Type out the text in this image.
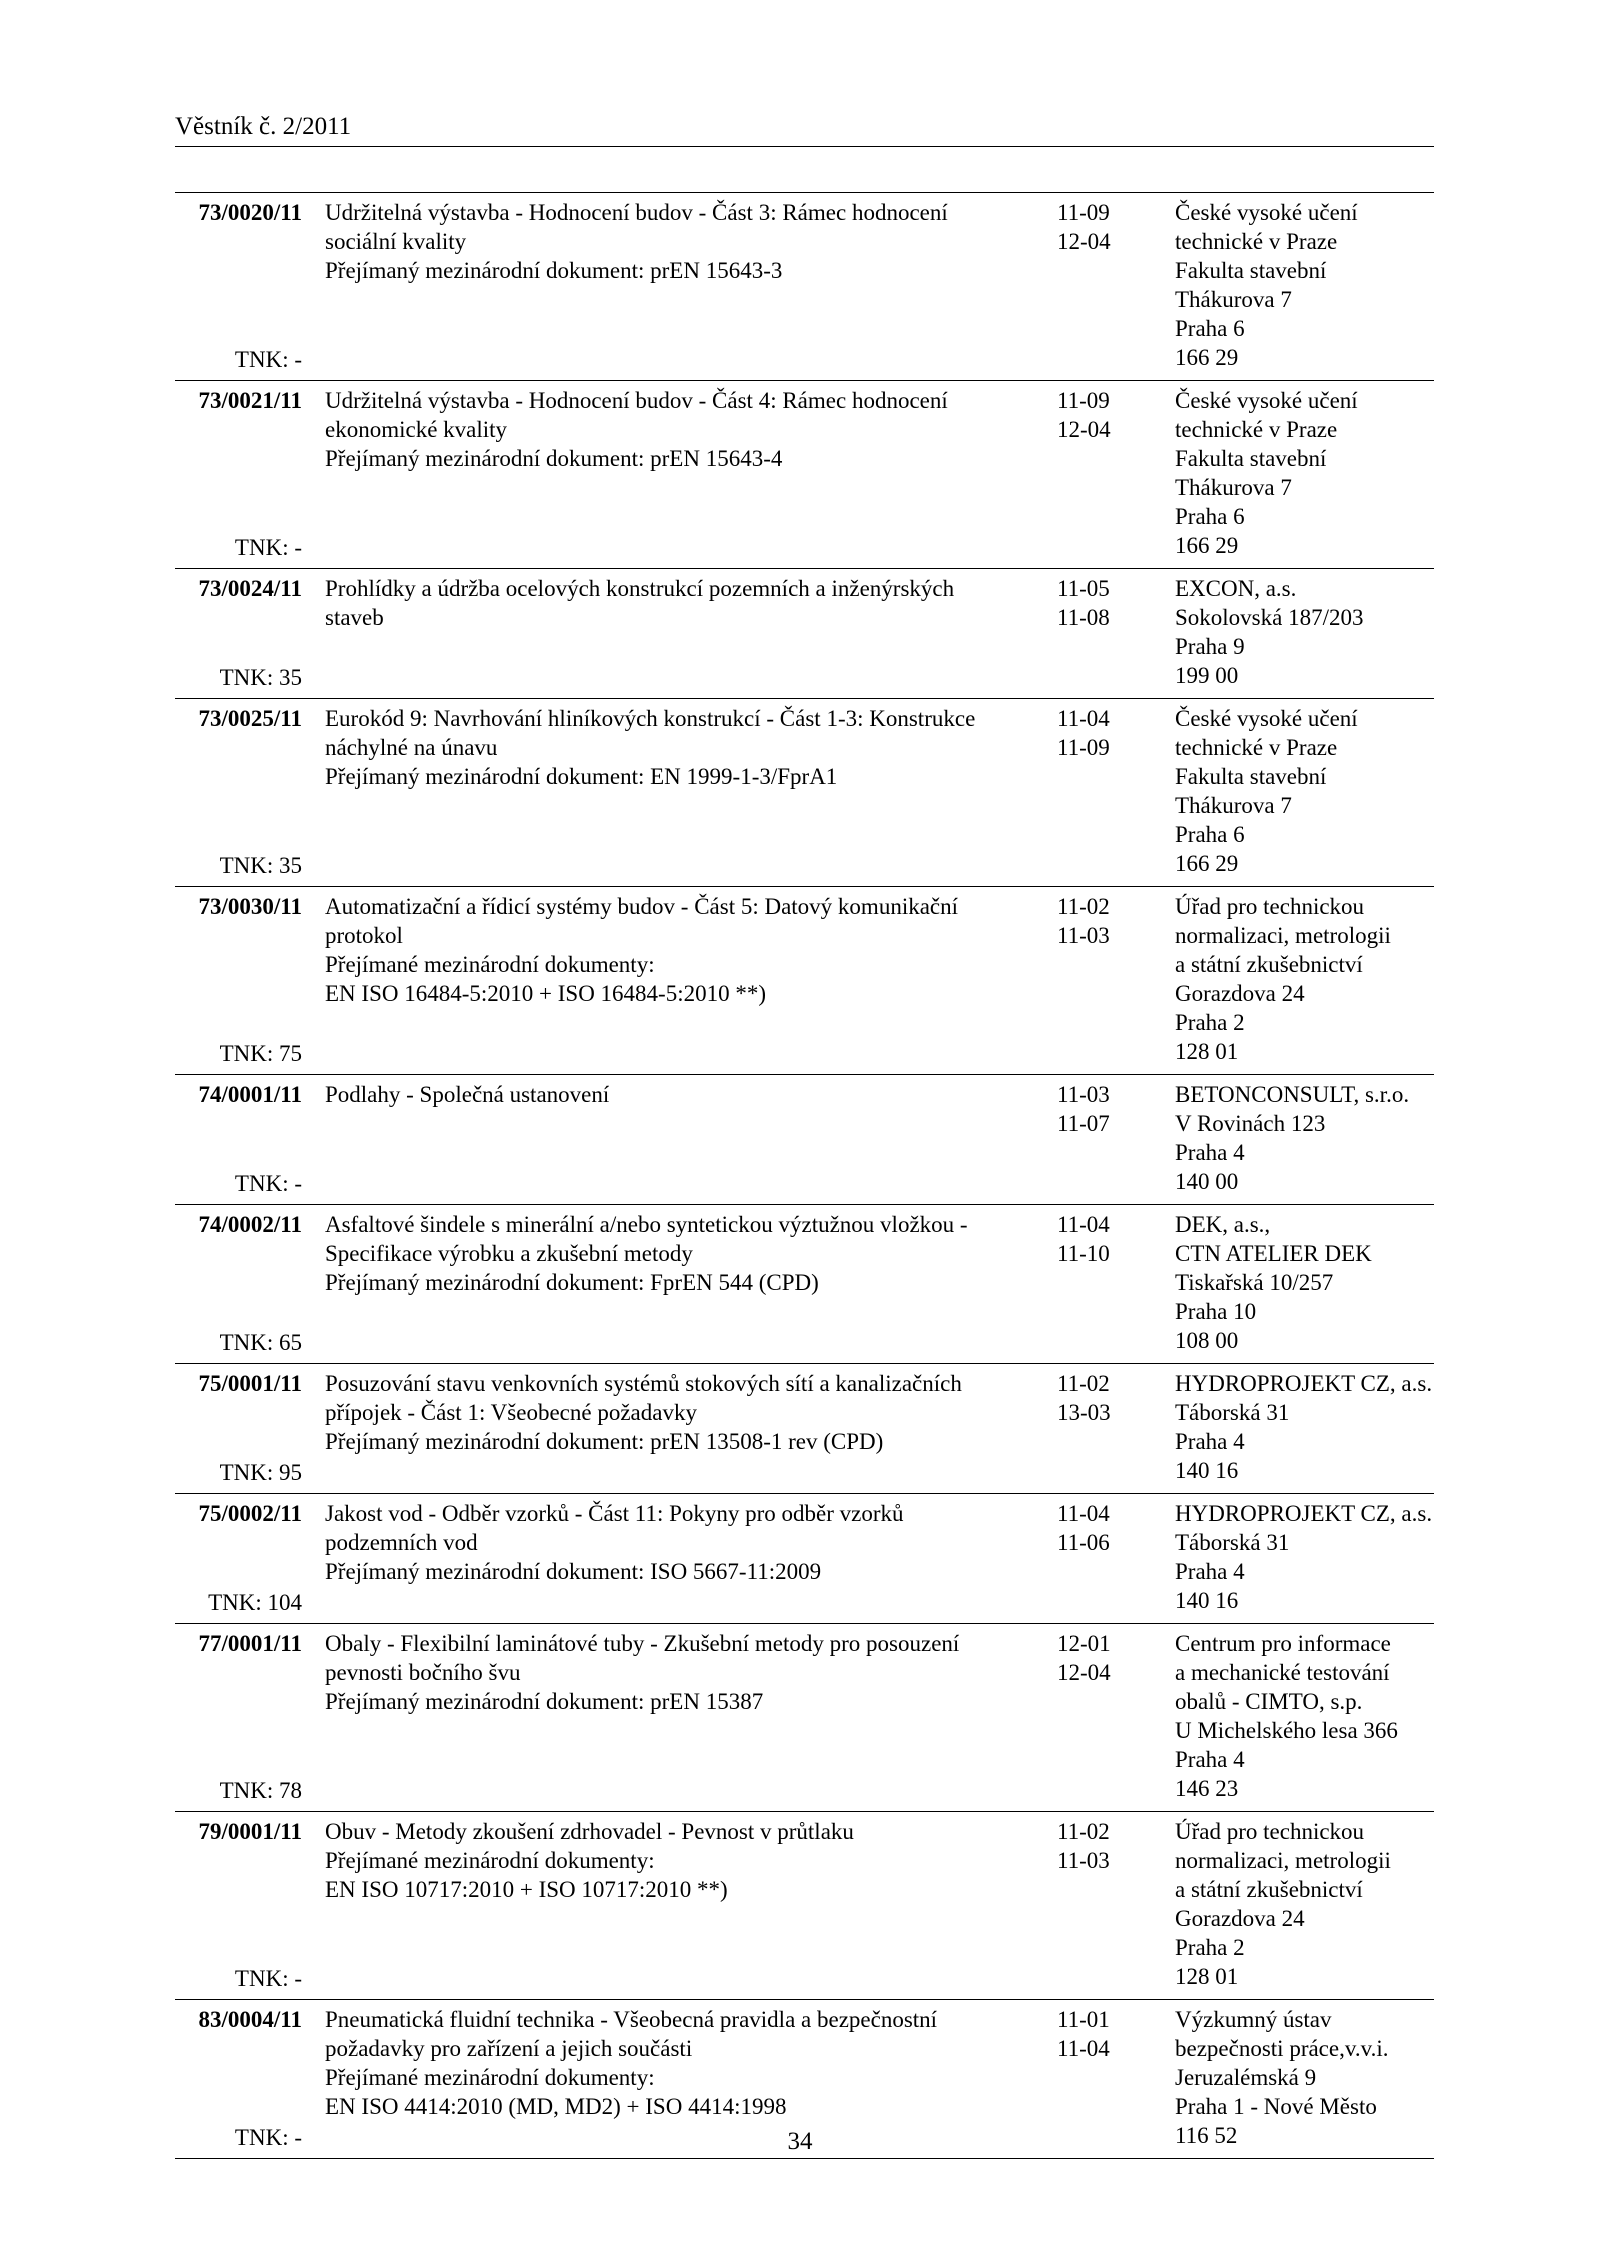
Věstník č. 2/2011
73/0020/11
TNK: -
Udržitelná výstavba - Hodnocení budov - Část 3: Rámec hodnocení
sociální kvality
Přejímaný mezinárodní dokument: prEN 15643-3
11-09
12-04
České vysoké učení
technické v Praze
Fakulta stavební
Thákurova 7
Praha 6
166 29
73/0021/11
TNK: -
Udržitelná výstavba - Hodnocení budov - Část 4: Rámec hodnocení
ekonomické kvality
Přejímaný mezinárodní dokument: prEN 15643-4
11-09
12-04
České vysoké učení
technické v Praze
Fakulta stavební
Thákurova 7
Praha 6
166 29
73/0024/11
TNK: 35
Prohlídky a údržba ocelových konstrukcí pozemních a inženýrských
staveb
11-05
11-08
EXCON, a.s.
Sokolovská 187/203
Praha 9
199 00
73/0025/11
TNK: 35
Eurokód 9: Navrhování hliníkových konstrukcí - Část 1-3: Konstrukce
náchylné na únavu
Přejímaný mezinárodní dokument: EN 1999-1-3/FprA1
11-04
11-09
České vysoké učení
technické v Praze
Fakulta stavební
Thákurova 7
Praha 6
166 29
73/0030/11
TNK: 75
Automatizační a řídicí systémy budov - Část 5: Datový komunikační
protokol
Přejímané mezinárodní dokumenty:
EN ISO 16484-5:2010 + ISO 16484-5:2010 **)
11-02
11-03
Úřad pro technickou
normalizaci, metrologii
a státní zkušebnictví
Gorazdova 24
Praha 2
128 01
74/0001/11
TNK: -
Podlahy - Společná ustanovení	11-03
11-07
BETONCONSULT, s.r.o.
V Rovinách 123
Praha 4
140 00
74/0002/11
TNK: 65
Asfaltové šindele s minerální a/nebo syntetickou výztužnou vložkou -
Specifikace výrobku a zkušební metody
Přejímaný mezinárodní dokument: FprEN 544 (CPD)
11-04
11-10
DEK, a.s.,
CTN ATELIER DEK
Tiskařská 10/257
Praha 10
108 00
75/0001/11
TNK: 95
Posuzování stavu venkovních systémů stokových sítí a kanalizačních
přípojek - Část 1: Všeobecné požadavky
Přejímaný mezinárodní dokument: prEN 13508-1 rev (CPD)
11-02
13-03
HYDROPROJEKT CZ, a.s.
Táborská 31
Praha 4
140 16
75/0002/11
TNK: 104
Jakost vod - Odběr vzorků - Část 11: Pokyny pro odběr vzorků
podzemních vod
Přejímaný mezinárodní dokument: ISO 5667-11:2009
11-04
11-06
HYDROPROJEKT CZ, a.s.
Táborská 31
Praha 4
140 16
77/0001/11
TNK: 78
Obaly - Flexibilní laminátové tuby - Zkušební metody pro posouzení
pevnosti bočního švu
Přejímaný mezinárodní dokument: prEN 15387
12-01
12-04
Centrum pro informace
a mechanické testování
obalů - CIMTO, s.p.
U Michelského lesa 366
Praha 4
146 23
79/0001/11
TNK: -
Obuv - Metody zkoušení zdrhovadel - Pevnost v průtlaku
Přejímané mezinárodní dokumenty:
EN ISO 10717:2010 + ISO 10717:2010 **)
11-02
11-03
Úřad pro technickou
normalizaci, metrologii
a státní zkušebnictví
Gorazdova 24
Praha 2
128 01
83/0004/11
TNK: -
Pneumatická fluidní technika - Všeobecná pravidla a bezpečnostní
požadavky pro zařízení a jejich součásti
Přejímané mezinárodní dokumenty:
EN ISO 4414:2010 (MD, MD2) + ISO 4414:1998
11-01
11-04
Výzkumný ústav
bezpečnosti práce,v.v.i.
Jeruzalémská 9
Praha 1 - Nové Město
116 52
34
